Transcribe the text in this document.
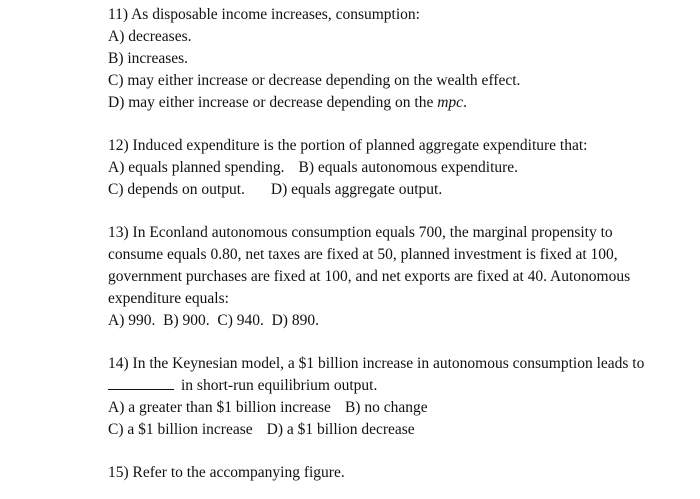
11) As disposable income increases, consumption:
A) decreases.
B) increases.
C) may either increase or decrease depending on the wealth effect.
D) may either increase or decrease depending on the mpc.
12) Induced expenditure is the portion of planned aggregate expenditure that:
A) equals planned spending. B) equals autonomous expenditure.
C) depends on output. D) equals aggregate output.
13) In Econland autonomous consumption equals 700, the marginal propensity to
consume equals 0.80, net taxes are fixed at 50, planned investment is fixed at 100,
government purchases are fixed at 100, and net exports are fixed at 40. Autonomous
expenditure equals:
A) 990. B) 900. C) 940. D) 890.
14) In the Keynesian model, a $1 billion increase in autonomous consumption leads to
in short-run equilibrium output.
A) a greater than $1 billion increase B) no change
C) a $1 billion increase D) a $1 billion decrease
15) Refer to the accompanying figure.
